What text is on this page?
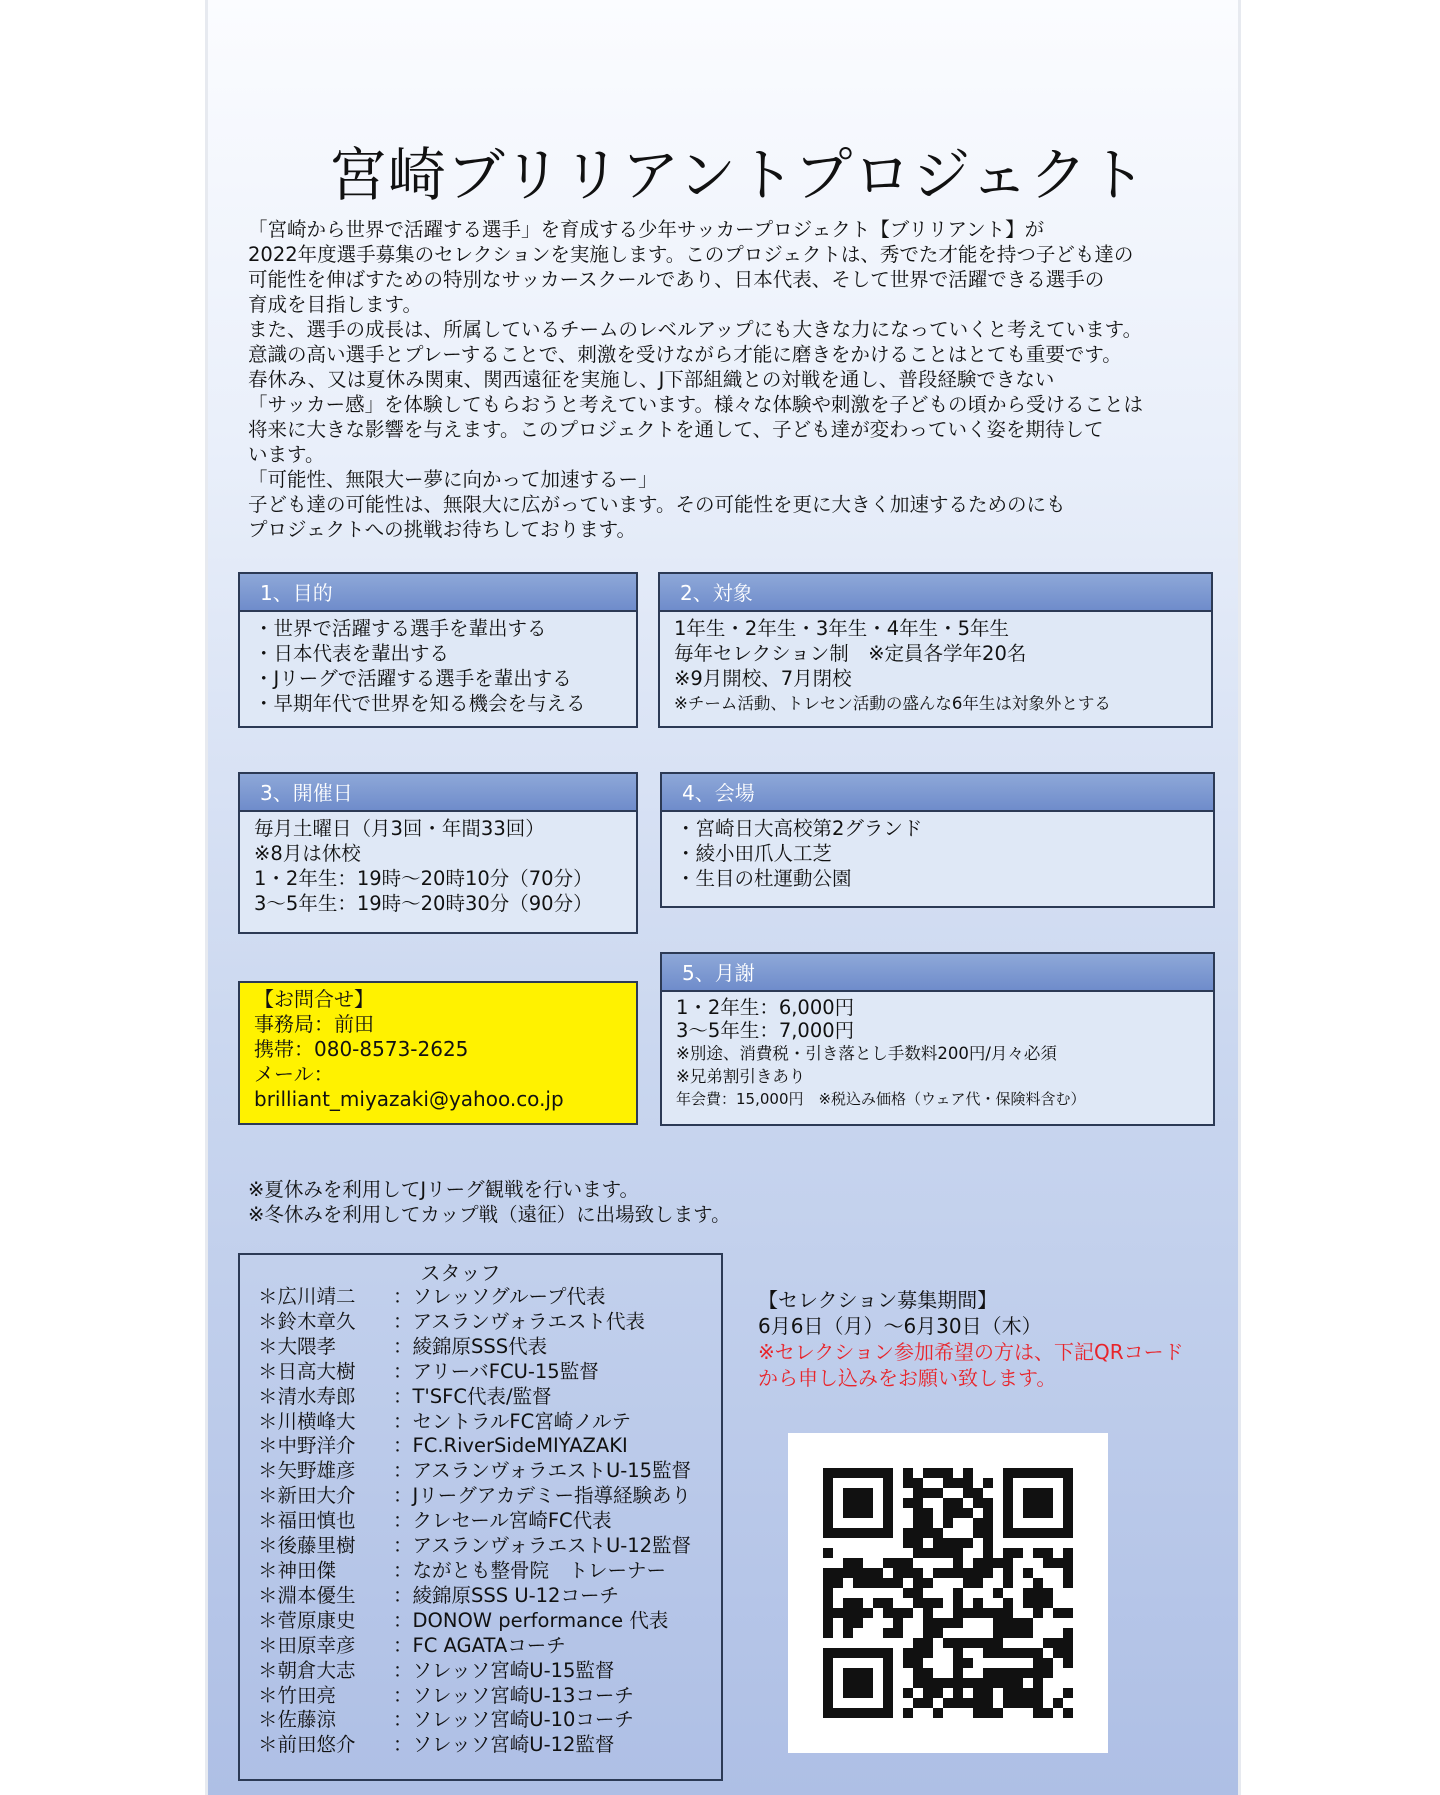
宮崎ブリリアントプロジェクト

「宮崎から世界で活躍する選手」を育成する少年サッカープロジェクト【ブリリアント】が

2022年度選手募集のセレクションを実施します。このプロジェクトは、秀でた才能を持つ子ども達の

可能性を伸ばすための特別なサッカースクールであり、日本代表、そして世界で活躍できる選手の

育成を目指します。

また、選手の成長は、所属しているチームのレベルアップにも大きな力になっていくと考えています。

意識の高い選手とプレーすることで、刺激を受けながら才能に磨きをかけることはとても重要です。

春休み、又は夏休み関東、関西遠征を実施し、J下部組織との対戦を通し、普段経験できない

「サッカー感」を体験してもらおうと考えています。様々な体験や刺激を子どもの頃から受けることは

将来に大きな影響を与えます。このプロジェクトを通して、子ども達が変わっていく姿を期待して

います。

「可能性、無限大ー夢に向かって加速するー」

子ども達の可能性は、無限大に広がっています。その可能性を更に大きく加速するためのにも

プロジェクトへの挑戦お待ちしております。

1、目的
・世界で活躍する選手を輩出する
・日本代表を輩出する
・Jリーグで活躍する選手を輩出する
・早期年代で世界を知る機会を与える
2、対象
1年生・2年生・3年生・4年生・5年生
毎年セレクション制　※定員各学年20名
※9月開校、7月閉校
※チーム活動、トレセン活動の盛んな6年生は対象外とする
3、開催日
毎月土曜日（月3回・年間33回）
※8月は休校
1・2年生：19時〜20時10分（70分）
3〜5年生：19時〜20時30分（90分）
4、会場
・宮崎日大高校第2グランド
・綾小田爪人工芝
・生目の杜運動公園
【お問合せ】
事務局：前田
携帯：080-8573-2625
メール：
brilliant_miyazaki@yahoo.co.jp
5、月謝
1・2年生：6,000円
3〜5年生：7,000円
※別途、消費税・引き落とし手数料200円/月々必須
※兄弟割引きあり
年会費：15,000円　※税込み価格（ウェア代・保険料含む）
※夏休みを利用してJリーグ観戦を行います。
※冬休みを利用してカップ戦（遠征）に出場致します。
スタッフ
＊広川靖二	：ソレッソグループ代表
＊鈴木章久	：アスランヴォラエスト代表
＊大隈孝	：綾錦原SSS代表
＊日高大樹	：アリーバFCU-15監督
＊清水寿郎	：T'SFC代表/監督
＊川横峰大	：セントラルFC宮崎ノルテ
＊中野洋介	：FC.RiverSideMIYAZAKI
＊矢野雄彦	：アスランヴォラエストU-15監督
＊新田大介	：Jリーグアカデミー指導経験あり
＊福田慎也	：クレセール宮崎FC代表
＊後藤里樹	：アスランヴォラエストU-12監督
＊神田傑	：ながとも整骨院　トレーナー
＊淵本優生	：綾錦原SSS U-12コーチ
＊菅原康史	：DONOW performance 代表
＊田原幸彦	：FC AGATAコーチ
＊朝倉大志	：ソレッソ宮崎U-15監督
＊竹田亮	：ソレッソ宮崎U-13コーチ
＊佐藤涼	：ソレッソ宮崎U-10コーチ
＊前田悠介	：ソレッソ宮崎U-12監督
【セレクション募集期間】
6月6日（月）〜6月30日（木）
※セレクション参加希望の方は、下記QRコード
から申し込みをお願い致します。
